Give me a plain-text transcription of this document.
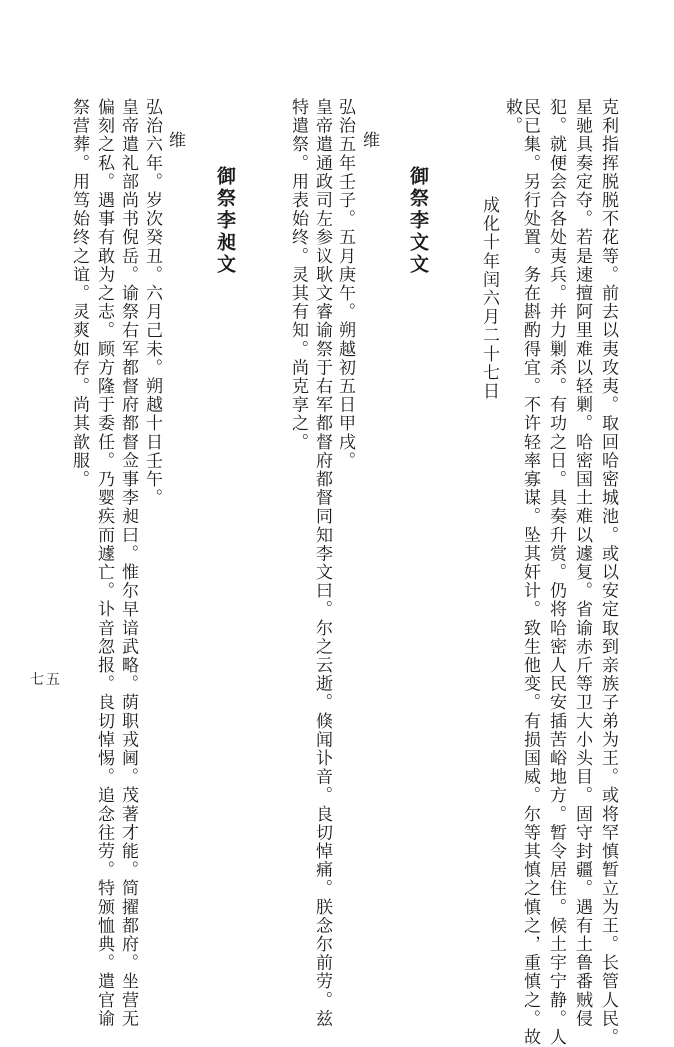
克利指挥脱脱不花等。前去以夷攻夷。取回哈密城池。或以安定取到亲族子弟为王。或将罕慎暂立为王。长管人民。
星驰具奏定夺。若是速擅阿里难以轻剿。哈密国土难以遽复。省谕赤斤等卫大小头目。固守封疆。遇有土鲁番贼侵
犯。就便会合各处夷兵。并力剿杀。有功之日。具奏升赏。仍将哈密人民安插苦峪地方。暂令居住。候土宇宁静。人
民已集。另行处置。务在斟酌得宜。不许轻率寡谋。坠其奸计。致生他变。有损国威。尔等其慎之慎之，重慎之。故
敕。
成化十年闰六月二十七日
御祭李文文
维
弘治五年壬子。五月庚午。朔越初五日甲戌。
皇帝遣通政司左参议耿文睿谕祭于右军都督府都督同知李文曰。尔之云逝。倏闻讣音。良切悼痛。朕念尔前劳。兹
特遣祭。用表始终。灵其有知。尚克享之。
御祭李昶文
维
弘治六年。岁次癸丑。六月己未。朔越十日壬午。
皇帝遣礼部尚书倪岳。谕祭右军都督府都督佥事李昶曰。惟尔早谙武略。荫职戎阃。茂著才能。简擢都府。坐营无
偏刻之私。遇事有敢为之志。顾方隆于委任。乃婴疾而遽亡。讣音忽报。良切悼惕。追念往劳。特颁恤典。遣官谕
祭营葬。用笃始终之谊。灵爽如存。尚其歆服。
七五
